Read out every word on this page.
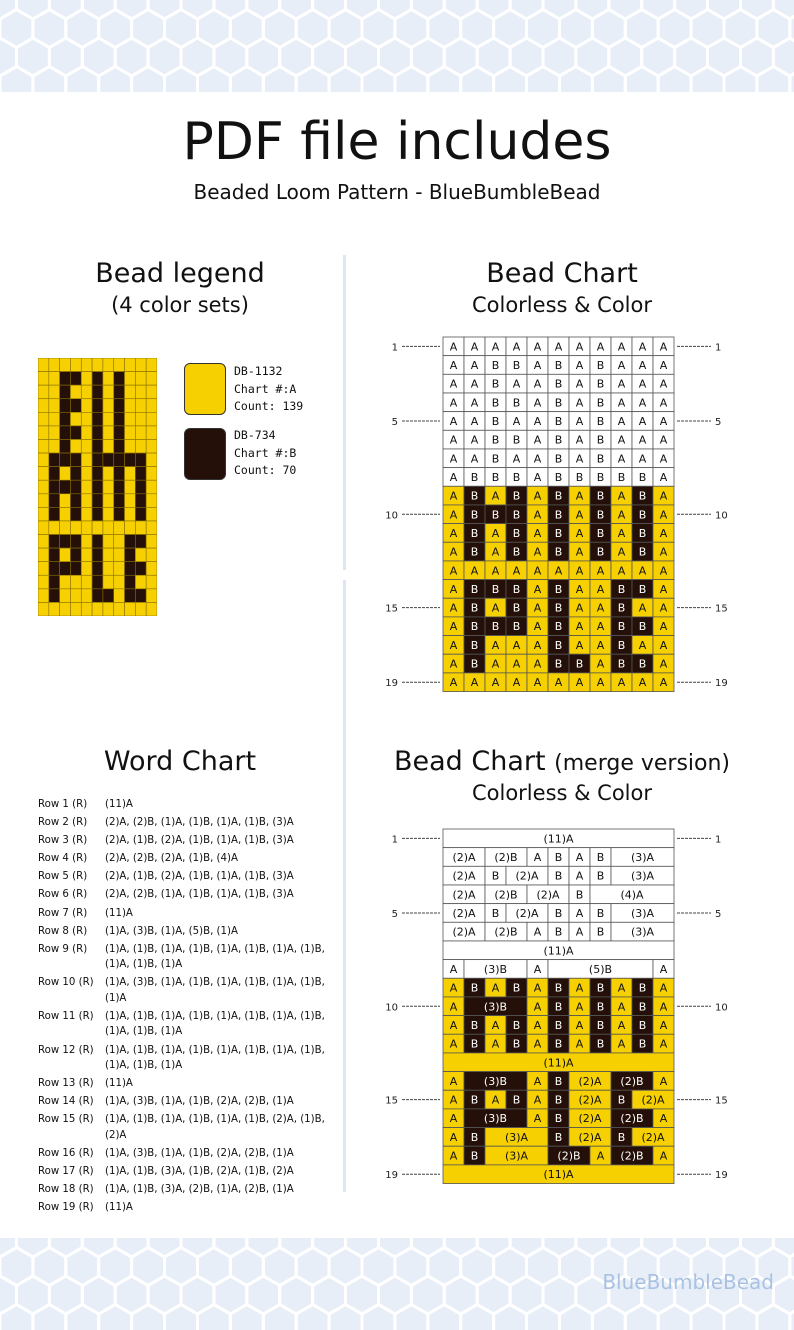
PDF file includes
Beaded Loom Pattern - BlueBumbleBead
Bead legend
(4 color sets)
DB-1132
Chart #:A
Count: 139
DB-734
Chart #:B
Count: 70
Bead Chart
Colorless & Color
A A A A A A A A A A A
A A B B A B A B A A A
A A B A A B A B A A A
A A B B A B A B A A A
A A B A A B A B A A A
A A B B A B A B A A A
A A B A A B A B A A A
A B B B A B B B B B A
A B A B A B A B A B A
A B B B A B A B A B A
A B A B A B A B A B A
A B A B A B A B A B A
A A A A A A A A A A A
A B B B A B A A B B A
A B A B A B A A B A A
A B B B A B A A B B A
A B A A A B A A B A A
A B A A A B B A B B A
A A A A A A A A A A A
1	1
5	5
10	10
15	15
19	19
Word Chart
Row 1 (R)	(11)A
Row 2 (R)	(2)A, (2)B, (1)A, (1)B, (1)A, (1)B, (3)A
Row 3 (R)	(2)A, (1)B, (2)A, (1)B, (1)A, (1)B, (3)A
Row 4 (R)	(2)A, (2)B, (2)A, (1)B, (4)A
Row 5 (R)	(2)A, (1)B, (2)A, (1)B, (1)A, (1)B, (3)A
Row 6 (R)	(2)A, (2)B, (1)A, (1)B, (1)A, (1)B, (3)A
Row 7 (R)	(11)A
Row 8 (R)	(1)A, (3)B, (1)A, (5)B, (1)A
Row 9 (R)	(1)A, (1)B, (1)A, (1)B, (1)A, (1)B, (1)A, (1)B, (1)A, (1)B, (1)A
Row 10 (R)	(1)A, (3)B, (1)A, (1)B, (1)A, (1)B, (1)A, (1)B, (1)A
Row 11 (R)	(1)A, (1)B, (1)A, (1)B, (1)A, (1)B, (1)A, (1)B, (1)A, (1)B, (1)A
Row 12 (R)	(1)A, (1)B, (1)A, (1)B, (1)A, (1)B, (1)A, (1)B, (1)A, (1)B, (1)A
Row 13 (R)	(11)A
Row 14 (R)	(1)A, (3)B, (1)A, (1)B, (2)A, (2)B, (1)A
Row 15 (R)	(1)A, (1)B, (1)A, (1)B, (1)A, (1)B, (2)A, (1)B, (2)A
Row 16 (R)	(1)A, (3)B, (1)A, (1)B, (2)A, (2)B, (1)A
Row 17 (R)	(1)A, (1)B, (3)A, (1)B, (2)A, (1)B, (2)A
Row 18 (R)	(1)A, (1)B, (3)A, (2)B, (1)A, (2)B, (1)A
Row 19 (R)	(11)A
Bead Chart (merge version)
Colorless & Color
(11)A
(2)A (2)B A B A B (3)A
(2)A B (2)A B A B (3)A
(2)A (2)B (2)A B	(4)A
(2)A B (2)A B A B (3)A
(2)A (2)B A B A B (3)A
(11)A
A (3)B A	(5)B	A
A B A B A B A B A B A
A (3)B A B A B A B A
A B A B A B A B A B A
A B A B A B A B A B A
(11)A
A (3)B A B (2)A (2)B A
A B A B A B (2)A B (2)A
A (3)B A B (2)A (2)B A
A B (3)A B (2)A B (2)A
A B (3)A	(2)B A (2)B A
(11)A
1	1
5	5
10	10
15	15
19	19
BlueBumbleBead
